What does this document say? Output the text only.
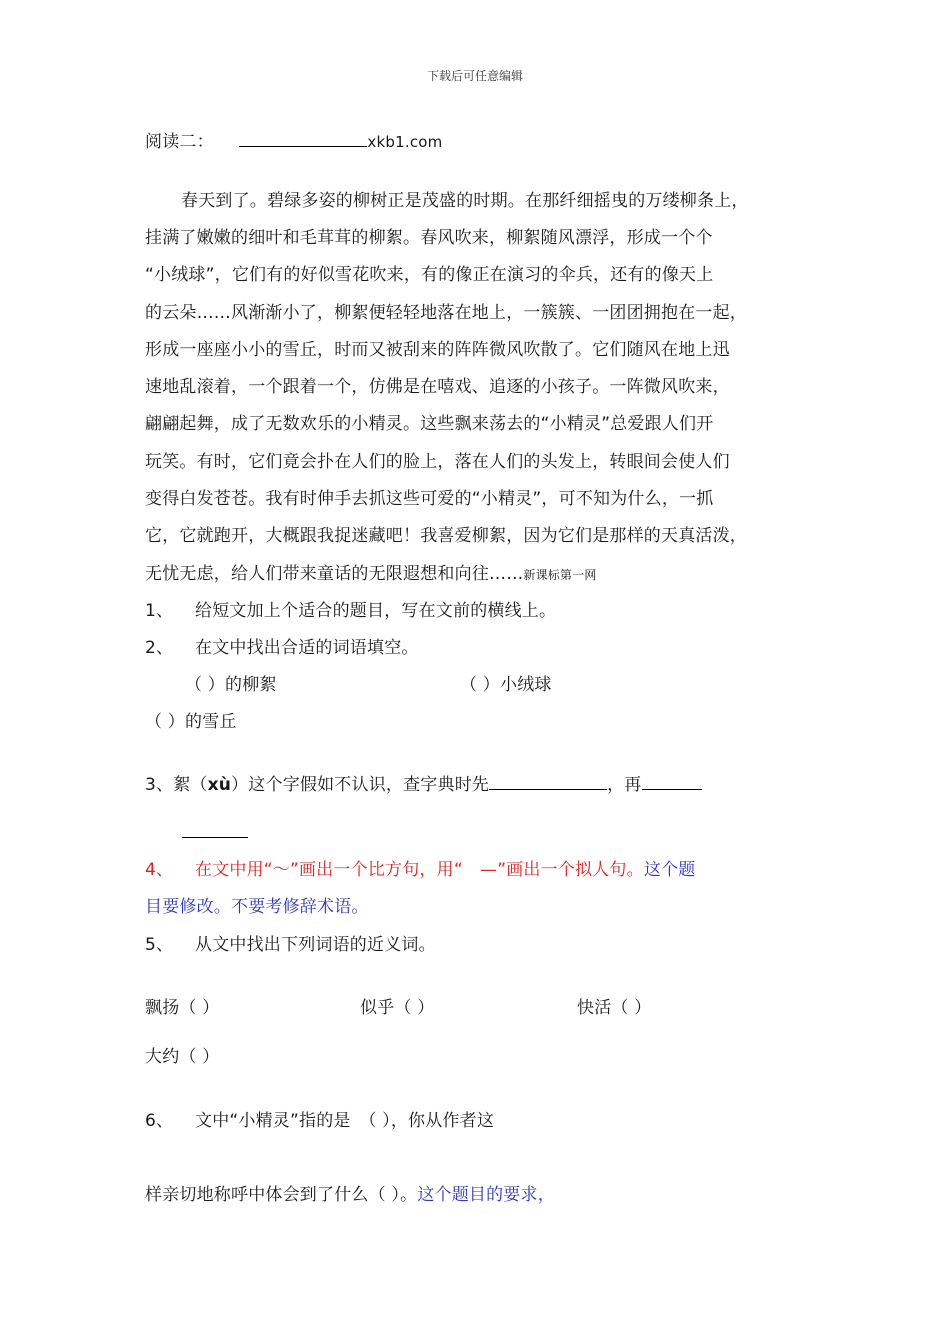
下载后可任意编辑
阅读二：	xkb1.com
春天到了。碧绿多姿的柳树正是茂盛的时期。在那纤细摇曳的万缕柳条上，
挂满了嫩嫩的细叶和毛茸茸的柳絮。春风吹来，柳絮随风漂浮，形成一个个
“小绒球”，它们有的好似雪花吹来，有的像正在演习的伞兵，还有的像天上
的云朵……风渐渐小了，柳絮便轻轻地落在地上，一簇簇、一团团拥抱在一起，
形成一座座小小的雪丘，时而又被刮来的阵阵微风吹散了。它们随风在地上迅
速地乱滚着，一个跟着一个，仿佛是在嘻戏、追逐的小孩子。一阵微风吹来，
翩翩起舞，成了无数欢乐的小精灵。这些飘来荡去的“小精灵”总爱跟人们开
玩笑。有时，它们竟会扑在人们的脸上，落在人们的头发上，转眼间会使人们
变得白发苍苍。我有时伸手去抓这些可爱的“小精灵”，可不知为什么，一抓
它，它就跑开，大概跟我捉迷藏吧！我喜爱柳絮，因为它们是那样的天真活泼，
无忧无虑，给人们带来童话的无限遐想和向往……新课标第一网
1、 给短文加上个适合的题目，写在文前的横线上。
2、 在文中找出合适的词语填空。
（ ）的柳絮	（ ）小绒球
（ ）的雪丘
3、絮（xù）这个字假如不认识，查字典时先	，再
4、 在文中用“～”画出一个比方句，用“　—”画出一个拟人句。这个题
目要修改。不要考修辞术语。
5、 从文中找出下列词语的近义词。
飘扬（ ）	似乎（ ）	快活（ ）
大约（ ）
6、 文中“小精灵”指的是　（ ），你从作者这
样亲切地称呼中体会到了什么（ ）。这个题目的要求，
